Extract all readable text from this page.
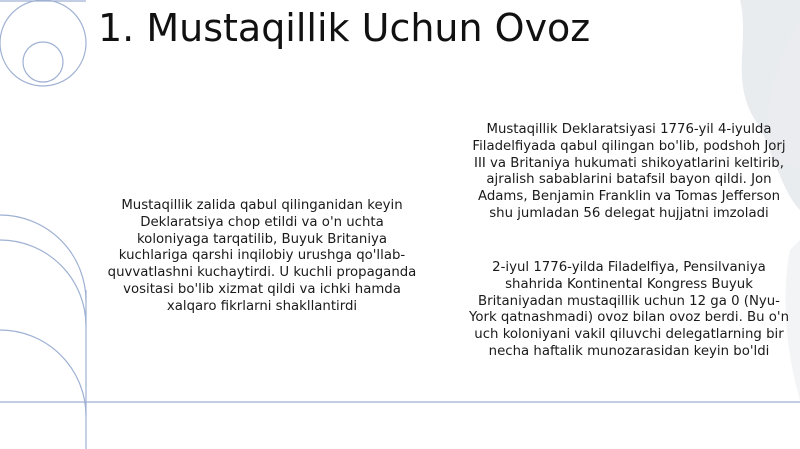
1. Mustaqillik Uchun Ovoz
Mustaqillik zalida qabul qilinganidan keyin Deklaratsiya chop etildi va o'n uchta koloniyaga tarqatilib, Buyuk Britaniya kuchlariga qarshi inqilobiy urushga qo'llab-quvvatlashni kuchaytirdi. U kuchli propaganda vositasi bo'lib xizmat qildi va ichki hamda xalqaro fikrlarni shakllantirdi
Mustaqillik Deklaratsiyasi 1776-yil 4-iyulda Filadelfiyada qabul qilingan bo'lib, podshoh Jorj III va Britaniya hukumati shikoyatlarini keltirib, ajralish sabablarini batafsil bayon qildi. Jon Adams, Benjamin Franklin va Tomas Jefferson shu jumladan 56 delegat hujjatni imzoladi
2-iyul 1776-yilda Filadelfiya, Pensilvaniya shahrida Kontinental Kongress Buyuk Britaniyadan mustaqillik uchun 12 ga 0 (Nyu-York qatnashmadi) ovoz bilan ovoz berdi. Bu o'n uch koloniyani vakil qiluvchi delegatlarning bir necha haftalik munozarasidan keyin bo'ldi
